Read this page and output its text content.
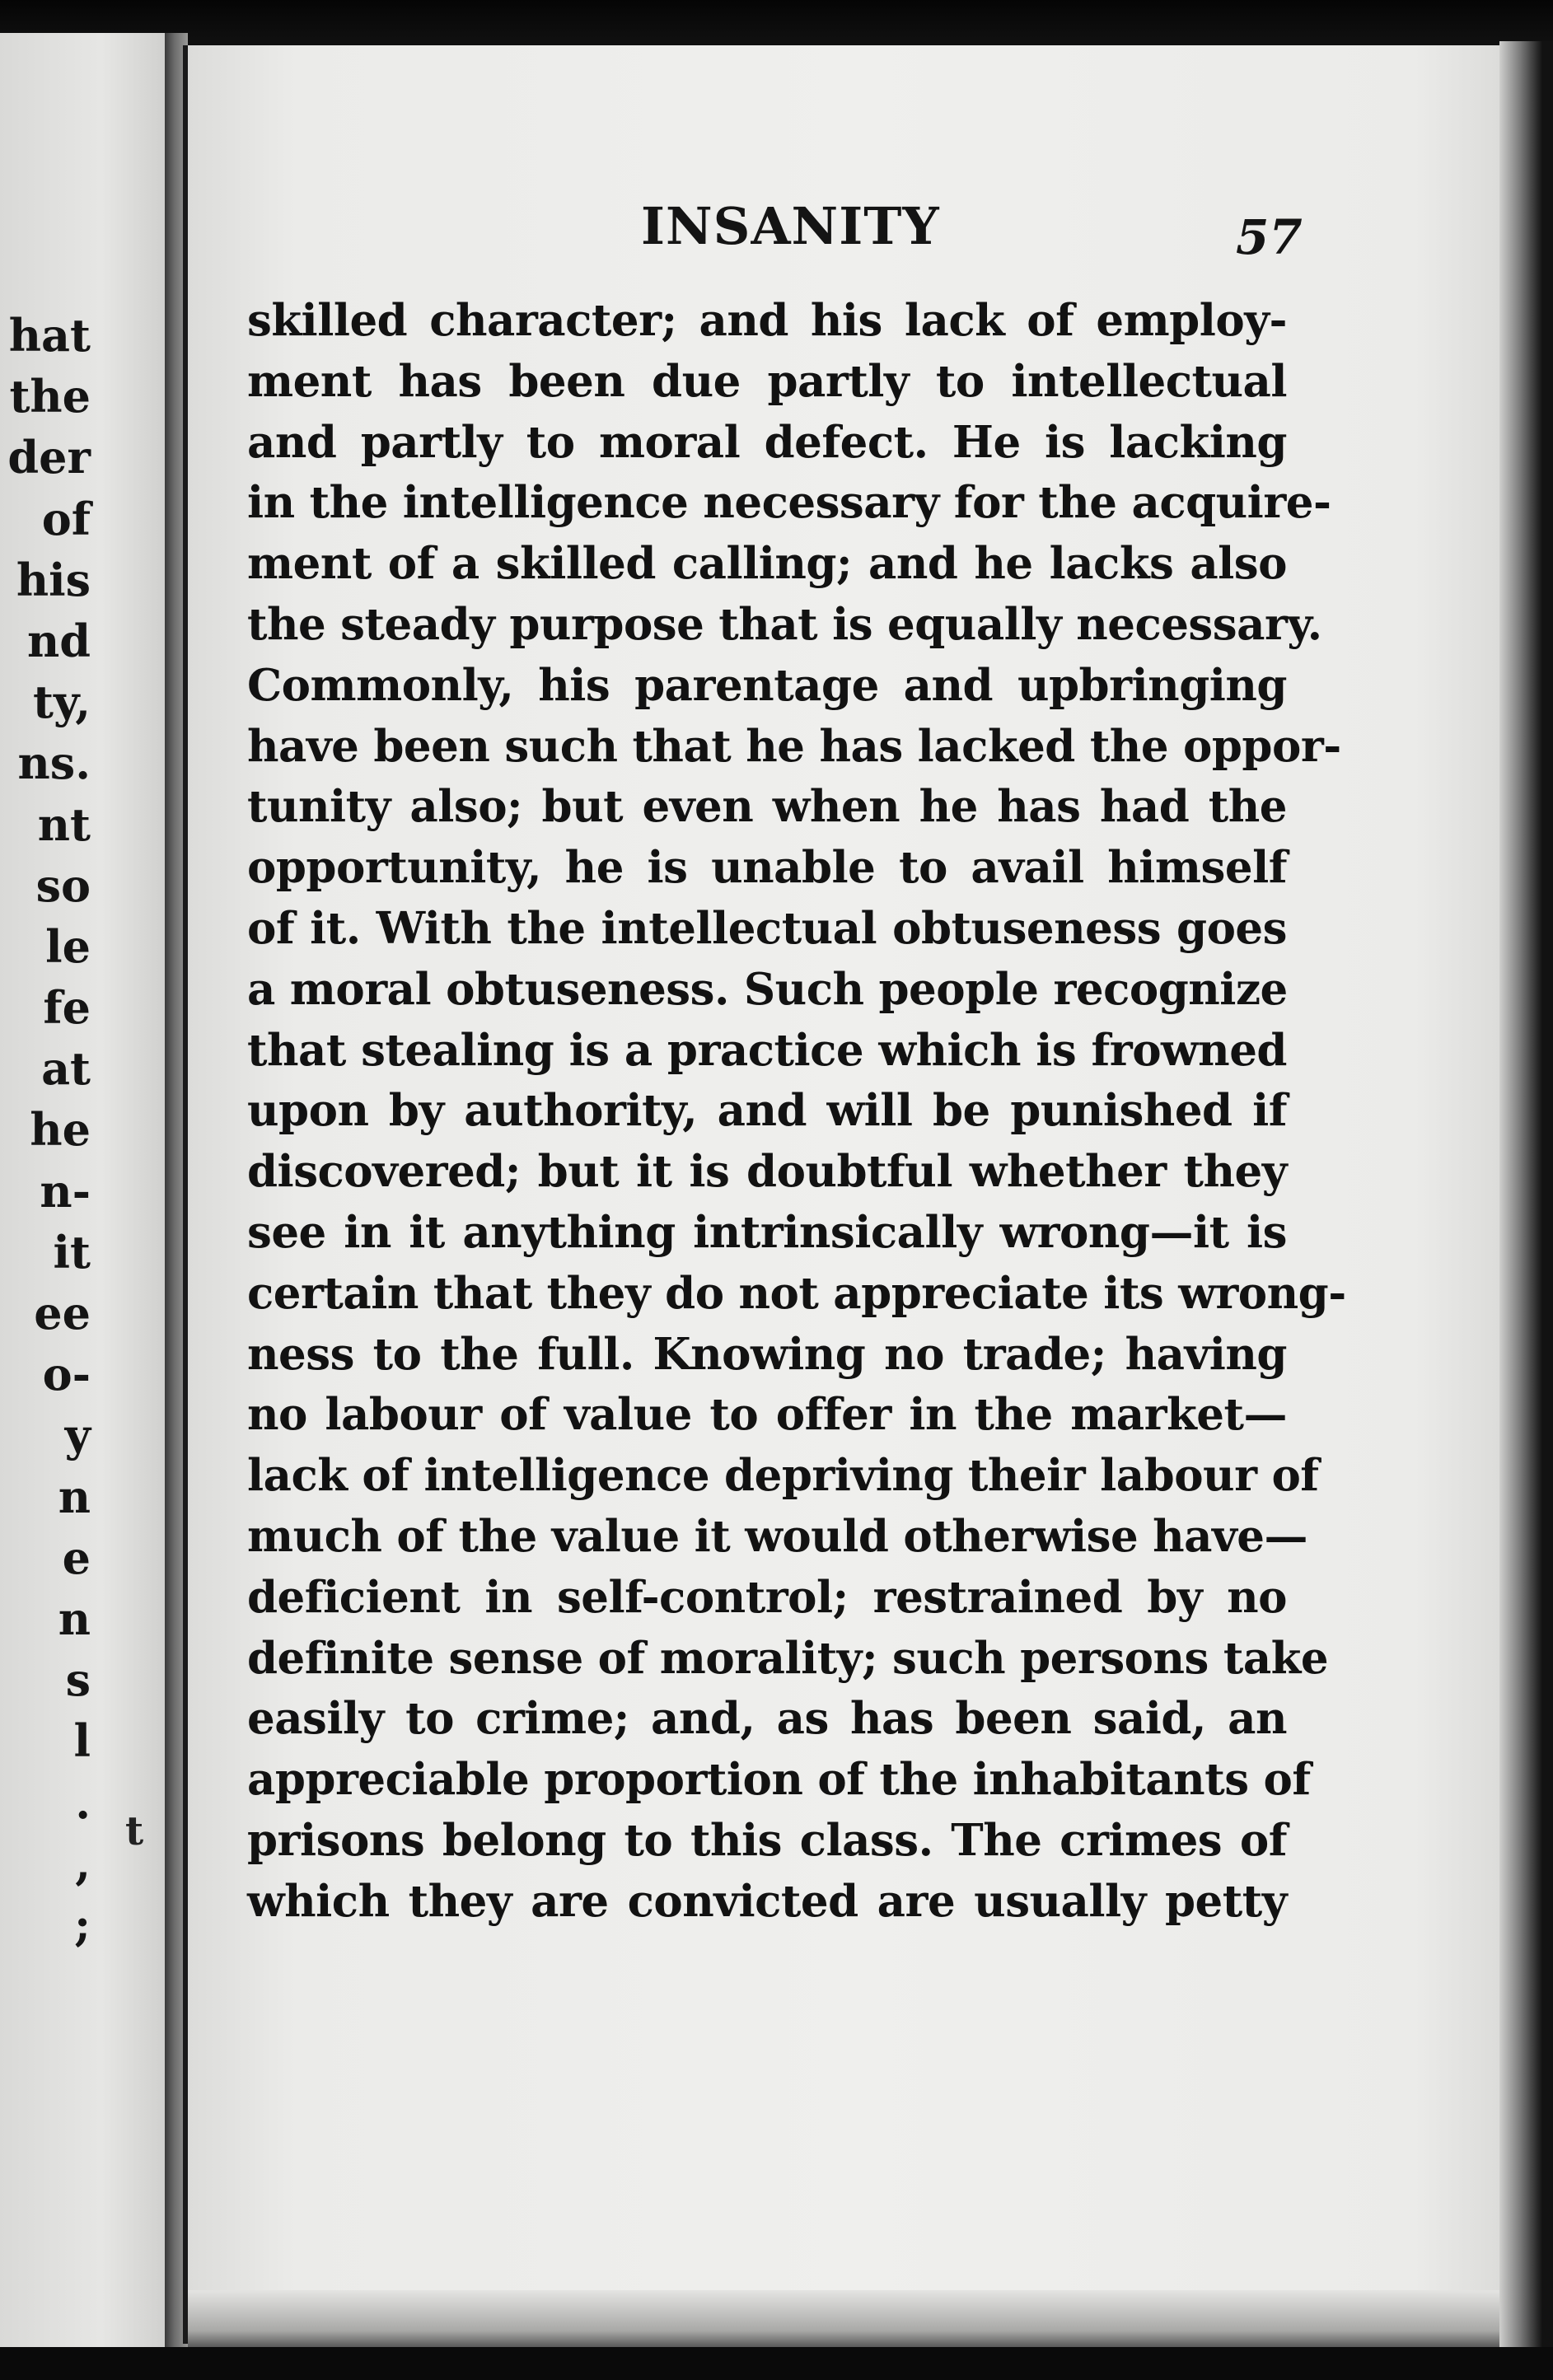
hat
the
der
of
his
nd
ty,
ns.
nt
so
le
fe
at
he
n-
it
ee
o-
y
n
e
n
s
l
.
,
;
INSANITY	57
t
skilled character; and his lack of employ-
ment has been due partly to intellectual
and partly to moral defect. He is lacking
in the intelligence necessary for the acquire-
ment of a skilled calling; and he lacks also
the steady purpose that is equally necessary.
Commonly, his parentage and upbringing
have been such that he has lacked the oppor-
tunity also; but even when he has had the
opportunity, he is unable to avail himself
of it. With the intellectual obtuseness goes
a moral obtuseness. Such people recognize
that stealing is a practice which is frowned
upon by authority, and will be punished if
discovered; but it is doubtful whether they
see in it anything intrinsically wrong—it is
certain that they do not appreciate its wrong-
ness to the full. Knowing no trade; having
no labour of value to offer in the market—
lack of intelligence depriving their labour of
much of the value it would otherwise have—
deficient in self-control; restrained by no
definite sense of morality; such persons take
easily to crime; and, as has been said, an
appreciable proportion of the inhabitants of
prisons belong to this class. The crimes of
which they are convicted are usually petty
